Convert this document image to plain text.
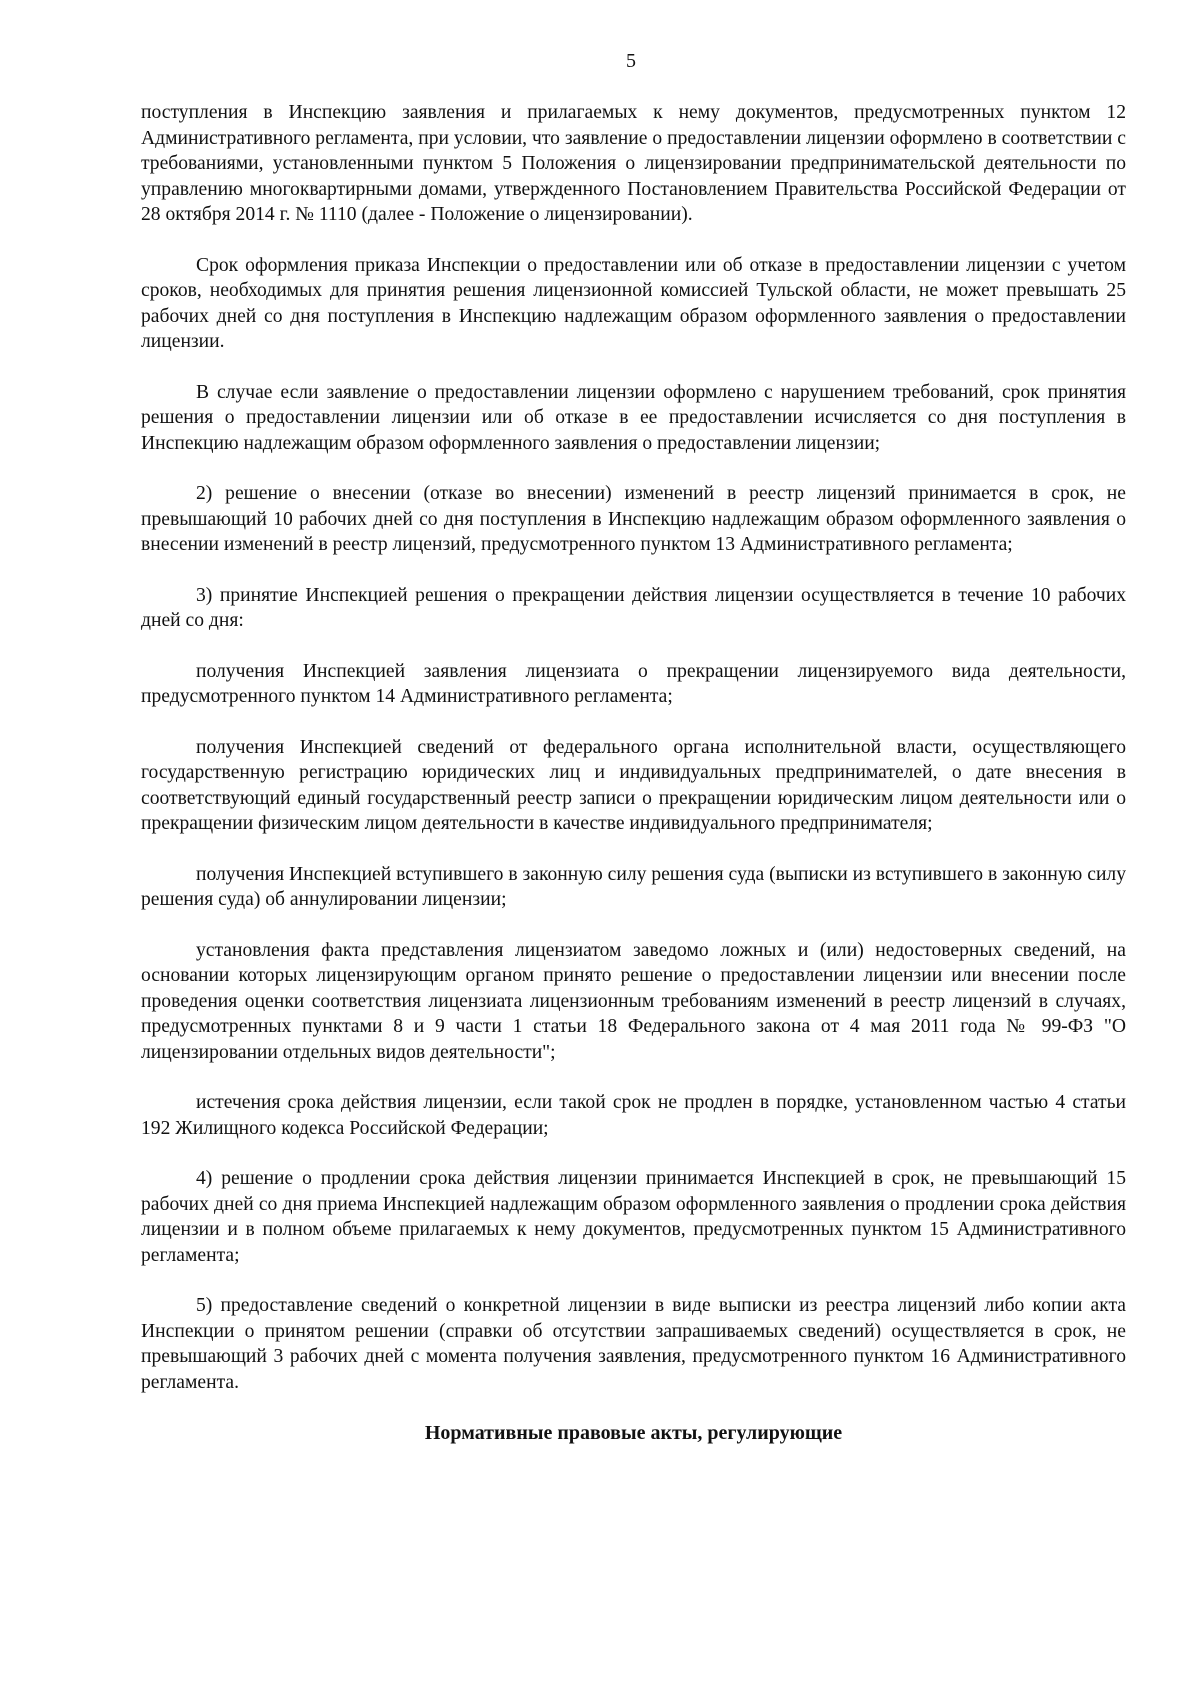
5

поступления в Инспекцию заявления и прилагаемых к нему документов, предусмотренных пунктом 12 Административного регламента, при условии, что заявление о предоставлении лицензии оформлено в соответствии с требованиями, установленными пунктом 5 Положения о лицензировании предпринимательской деятельности по управлению многоквартирными домами, утвержденного Постановлением Правительства Российской Федерации от 28 октября 2014 г. № 1110 (далее - Положение о лицензировании).

Срок оформления приказа Инспекции о предоставлении или об отказе в предоставлении лицензии с учетом сроков, необходимых для принятия решения лицензионной комиссией Тульской области, не может превышать 25 рабочих дней со дня поступления в Инспекцию надлежащим образом оформленного заявления о предоставлении лицензии.

В случае если заявление о предоставлении лицензии оформлено с нарушением требований, срок принятия решения о предоставлении лицензии или об отказе в ее предоставлении исчисляется со дня поступления в Инспекцию надлежащим образом оформленного заявления о предоставлении лицензии;

2) решение о внесении (отказе во внесении) изменений в реестр лицензий принимается в срок, не превышающий 10 рабочих дней со дня поступления в Инспекцию надлежащим образом оформленного заявления о внесении изменений в реестр лицензий, предусмотренного пунктом 13 Административного регламента;

3) принятие Инспекцией решения о прекращении действия лицензии осуществляется в течение 10 рабочих дней со дня:

получения Инспекцией заявления лицензиата о прекращении лицензируемого вида деятельности, предусмотренного пунктом 14 Административного регламента;

получения Инспекцией сведений от федерального органа исполнительной власти, осуществляющего государственную регистрацию юридических лиц и индивидуальных предпринимателей, о дате внесения в соответствующий единый государственный реестр записи о прекращении юридическим лицом деятельности или о прекращении физическим лицом деятельности в качестве индивидуального предпринимателя;

получения Инспекцией вступившего в законную силу решения суда (выписки из вступившего в законную силу решения суда) об аннулировании лицензии;

установления факта представления лицензиатом заведомо ложных и (или) недостоверных сведений, на основании которых лицензирующим органом принято решение о предоставлении лицензии или внесении после проведения оценки соответствия лицензиата лицензионным требованиям изменений в реестр лицензий в случаях, предусмотренных пунктами 8 и 9 части 1 статьи 18 Федерального закона от 4 мая 2011 года № 99-ФЗ "О лицензировании отдельных видов деятельности";

истечения срока действия лицензии, если такой срок не продлен в порядке, установленном частью 4 статьи 192 Жилищного кодекса Российской Федерации;

4) решение о продлении срока действия лицензии принимается Инспекцией в срок, не превышающий 15 рабочих дней со дня приема Инспекцией надлежащим образом оформленного заявления о продлении срока действия лицензии и в полном объеме прилагаемых к нему документов, предусмотренных пунктом 15 Административного регламента;

5) предоставление сведений о конкретной лицензии в виде выписки из реестра лицензий либо копии акта Инспекции о принятом решении (справки об отсутствии запрашиваемых сведений) осуществляется в срок, не превышающий 3 рабочих дней с момента получения заявления, предусмотренного пунктом 16 Административного регламента.

Нормативные правовые акты, регулирующие
